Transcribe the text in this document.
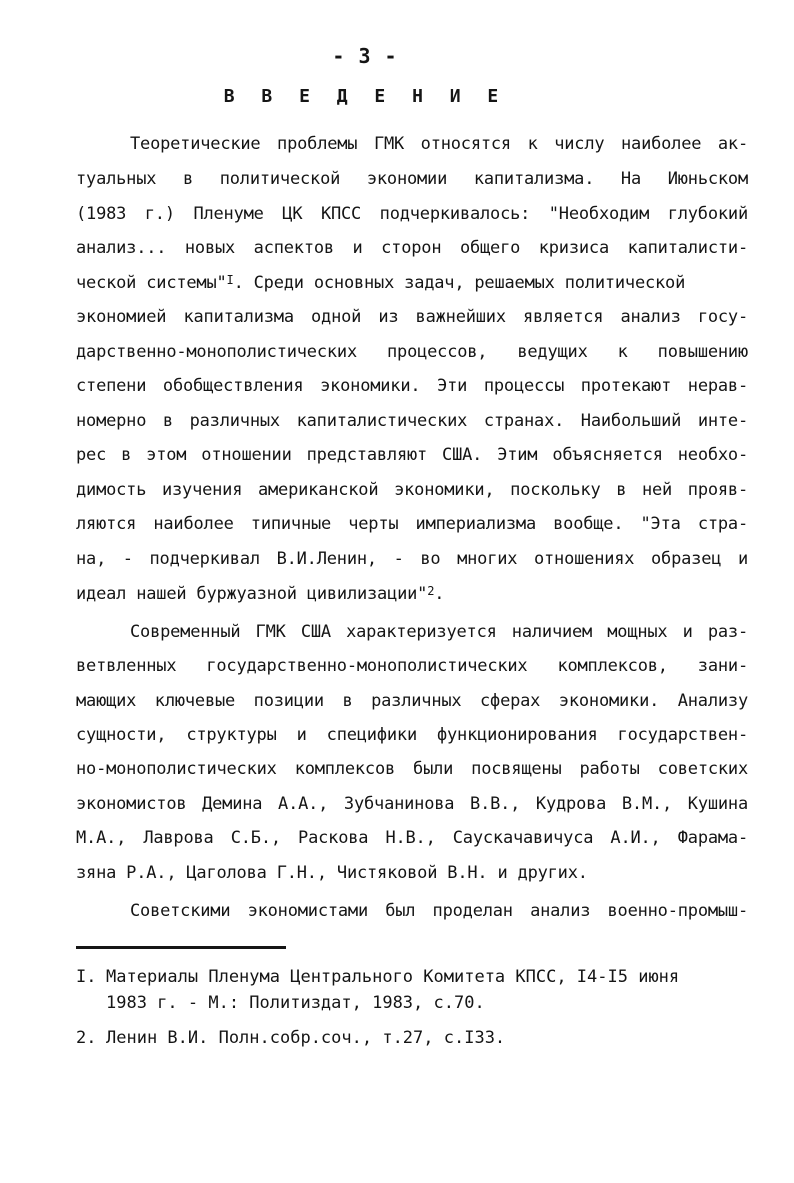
- 3 -
В В Е Д Е Н И Е
Теоретические проблемы ГМК относятся к числу наиболее ак-
туальных в политической экономии капитализма. На Июньском
(1983 г.) Пленуме ЦК КПСС подчеркивалось: "Необходим глубокий
анализ... новых аспектов и сторон общего кризиса капиталисти-
ческой системы"$^I$. Среди основных задач, решаемых политической
экономией капитализма одной из важнейших является анализ госу-
дарственно-монополистических процессов, ведущих к повышению
степени обобществления экономики. Эти процессы протекают нерав-
номерно в различных капиталистических странах. Наибольший инте-
рес в этом отношении представляют США. Этим объясняется необхо-
димость изучения американской экономики, поскольку в ней прояв-
ляются наиболее типичные черты империализма вообще. "Эта стра-
на, - подчеркивал В.И.Ленин, - во многих отношениях образец и
идеал нашей буржуазной цивилизации"$^2$.
Современный ГМК США характеризуется наличием мощных и раз-
ветвленных государственно-монополистических комплексов, зани-
мающих ключевые позиции в различных сферах экономики. Анализу
сущности, структуры и специфики функционирования государствен-
но-монополистических комплексов были посвящены работы советских
экономистов Демина А.А., Зубчанинова В.В., Кудрова В.М., Кушина
М.А., Лаврова С.Б., Раскова Н.В., Саускачавичуса А.И., Фарама-
зяна Р.А., Цаголова Г.Н., Чистяковой В.Н. и других.
Советскими экономистами был проделан анализ военно-промыш-
I. Материалы Пленума Центрального Комитета КПСС, I4-I5 июня
1983 г. - М.: Политиздат, 1983, с.70.
2. Ленин В.И. Полн.собр.соч., т.27, с.I33.
